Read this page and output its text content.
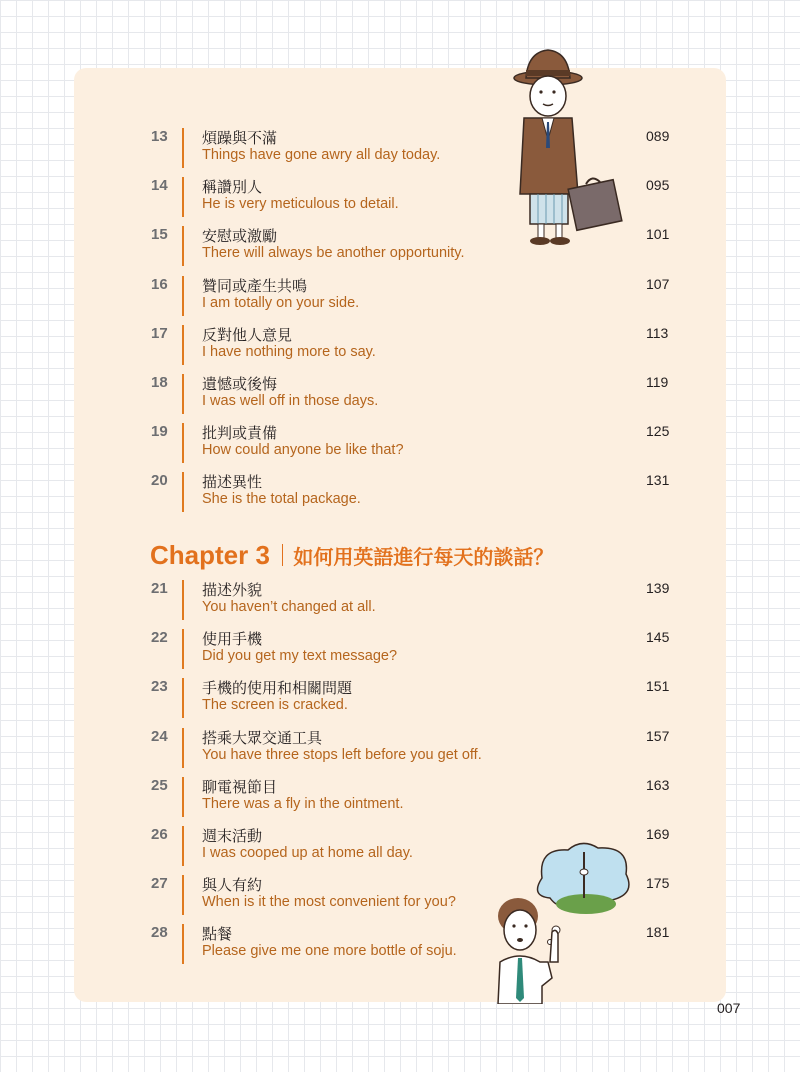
13 煩躁與不滿
Things have gone awry all day today.
089
14 稱讚別人
He is very meticulous to detail.
095
15 安慰或激勵
There will always be another opportunity.
101
16 贊同或產生共鳴
I am totally on your side.
107
17 反對他人意見
I have nothing more to say.
113
18 遺憾或後悔
I was well off in those days.
119
19 批判或責備
How could anyone be like that?
125
20 描述異性
She is the total package.
131
Chapter 3 如何用英語進行每天的談話？
21 描述外貌
You haven’t changed at all.
139
22 使用手機
Did you get my text message?
145
23 手機的使用和相關問題
The screen is cracked.
151
24 搭乘大眾交通工具
You have three stops left before you get off.
157
25 聊電視節目
There was a fly in the ointment.
163
26 週末活動
I was cooped up at home all day.
169
27 與人有約
When is it the most convenient for you?
175
28 點餐
Please give me one more bottle of soju.
181
007
